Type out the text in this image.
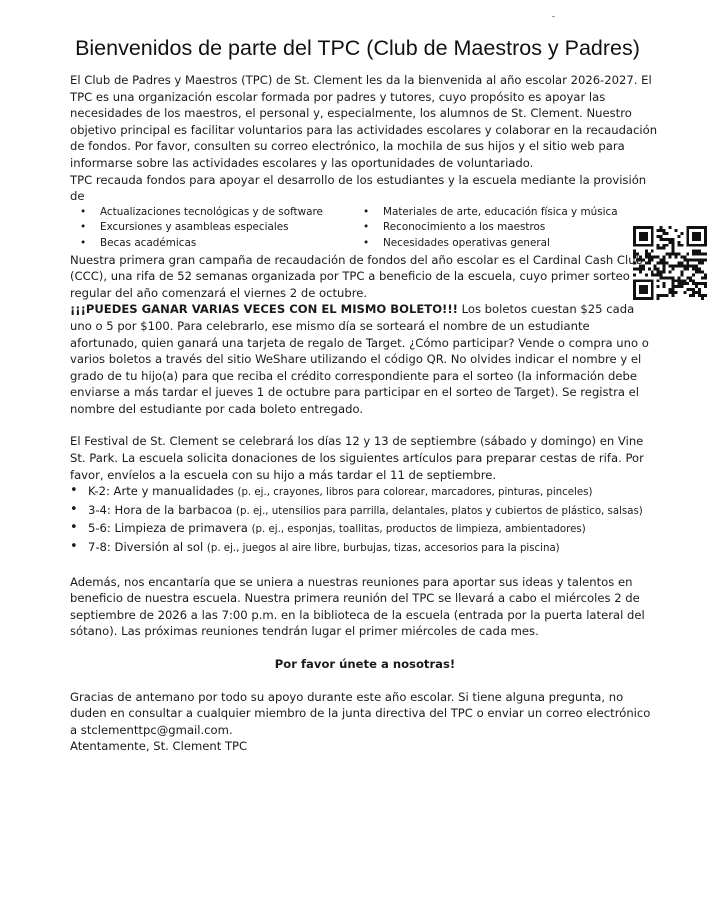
Bienvenidos de parte del TPC (Club de Maestros y Padres)

El Club de Padres y Maestros (TPC) de St. Clement les da la bienvenida al año escolar 2026-2027. El TPC es una organización escolar formada por padres y tutores, cuyo propósito es apoyar las necesidades de los maestros, el personal y, especialmente, los alumnos de St. Clement. Nuestro objetivo principal es facilitar voluntarios para las actividades escolares y colaborar en la recaudación de fondos. Por favor, consulten su correo electrónico, la mochila de sus hijos y el sitio web para informarse sobre las actividades escolares y las oportunidades de voluntariado.

TPC recauda fondos para apoyar el desarrollo de los estudiantes y la escuela mediante la provisión de

• Actualizaciones tecnológicas y de software	• Materiales de arte, educación física y música
• Excursiones y asambleas especiales	• Reconocimiento a los maestros
• Becas académicas	• Necesidades operativas general

Nuestra primera gran campaña de recaudación de fondos del año escolar es el Cardinal Cash Club (CCC), una rifa de 52 semanas organizada por TPC a beneficio de la escuela, cuyo primer sorteo regular del año comenzará el viernes 2 de octubre.
¡¡¡PUEDES GANAR VARIAS VECES CON EL MISMO BOLETO!!! Los boletos cuestan $25 cada uno o 5 por $100. Para celebrarlo, ese mismo día se sorteará el nombre de un estudiante afortunado, quien ganará una tarjeta de regalo de Target. ¿Cómo participar? Vende o compra uno o varios boletos a través del sitio WeShare utilizando el código QR. No olvides indicar el nombre y el grado de tu hijo(a) para que reciba el crédito correspondiente para el sorteo (la información debe enviarse a más tardar el jueves 1 de octubre para participar en el sorteo de Target). Se registra el nombre del estudiante por cada boleto entregado.

El Festival de St. Clement se celebrará los días 12 y 13 de septiembre (sábado y domingo) en Vine St. Park. La escuela solicita donaciones de los siguientes artículos para preparar cestas de rifa. Por favor, envíelos a la escuela con su hijo a más tardar el 11 de septiembre.

• K-2: Arte y manualidades (p. ej., crayones, libros para colorear, marcadores, pinturas, pinceles)
• 3-4: Hora de la barbacoa (p. ej., utensilios para parrilla, delantales, platos y cubiertos de plástico, salsas)
• 5-6: Limpieza de primavera (p. ej., esponjas, toallitas, productos de limpieza, ambientadores)
• 7-8: Diversión al sol (p. ej., juegos al aire libre, burbujas, tizas, accesorios para la piscina)

Además, nos encantaría que se uniera a nuestras reuniones para aportar sus ideas y talentos en beneficio de nuestra escuela. Nuestra primera reunión del TPC se llevará a cabo el miércoles 2 de septiembre de 2026 a las 7:00 p.m. en la biblioteca de la escuela (entrada por la puerta lateral del sótano). Las próximas reuniones tendrán lugar el primer miércoles de cada mes.

Por favor únete a nosotras!

Gracias de antemano por todo su apoyo durante este año escolar. Si tiene alguna pregunta, no duden en consultar a cualquier miembro de la junta directiva del TPC o enviar un correo electrónico a stclementtpc@gmail.com.

Atentamente, St. Clement TPC
